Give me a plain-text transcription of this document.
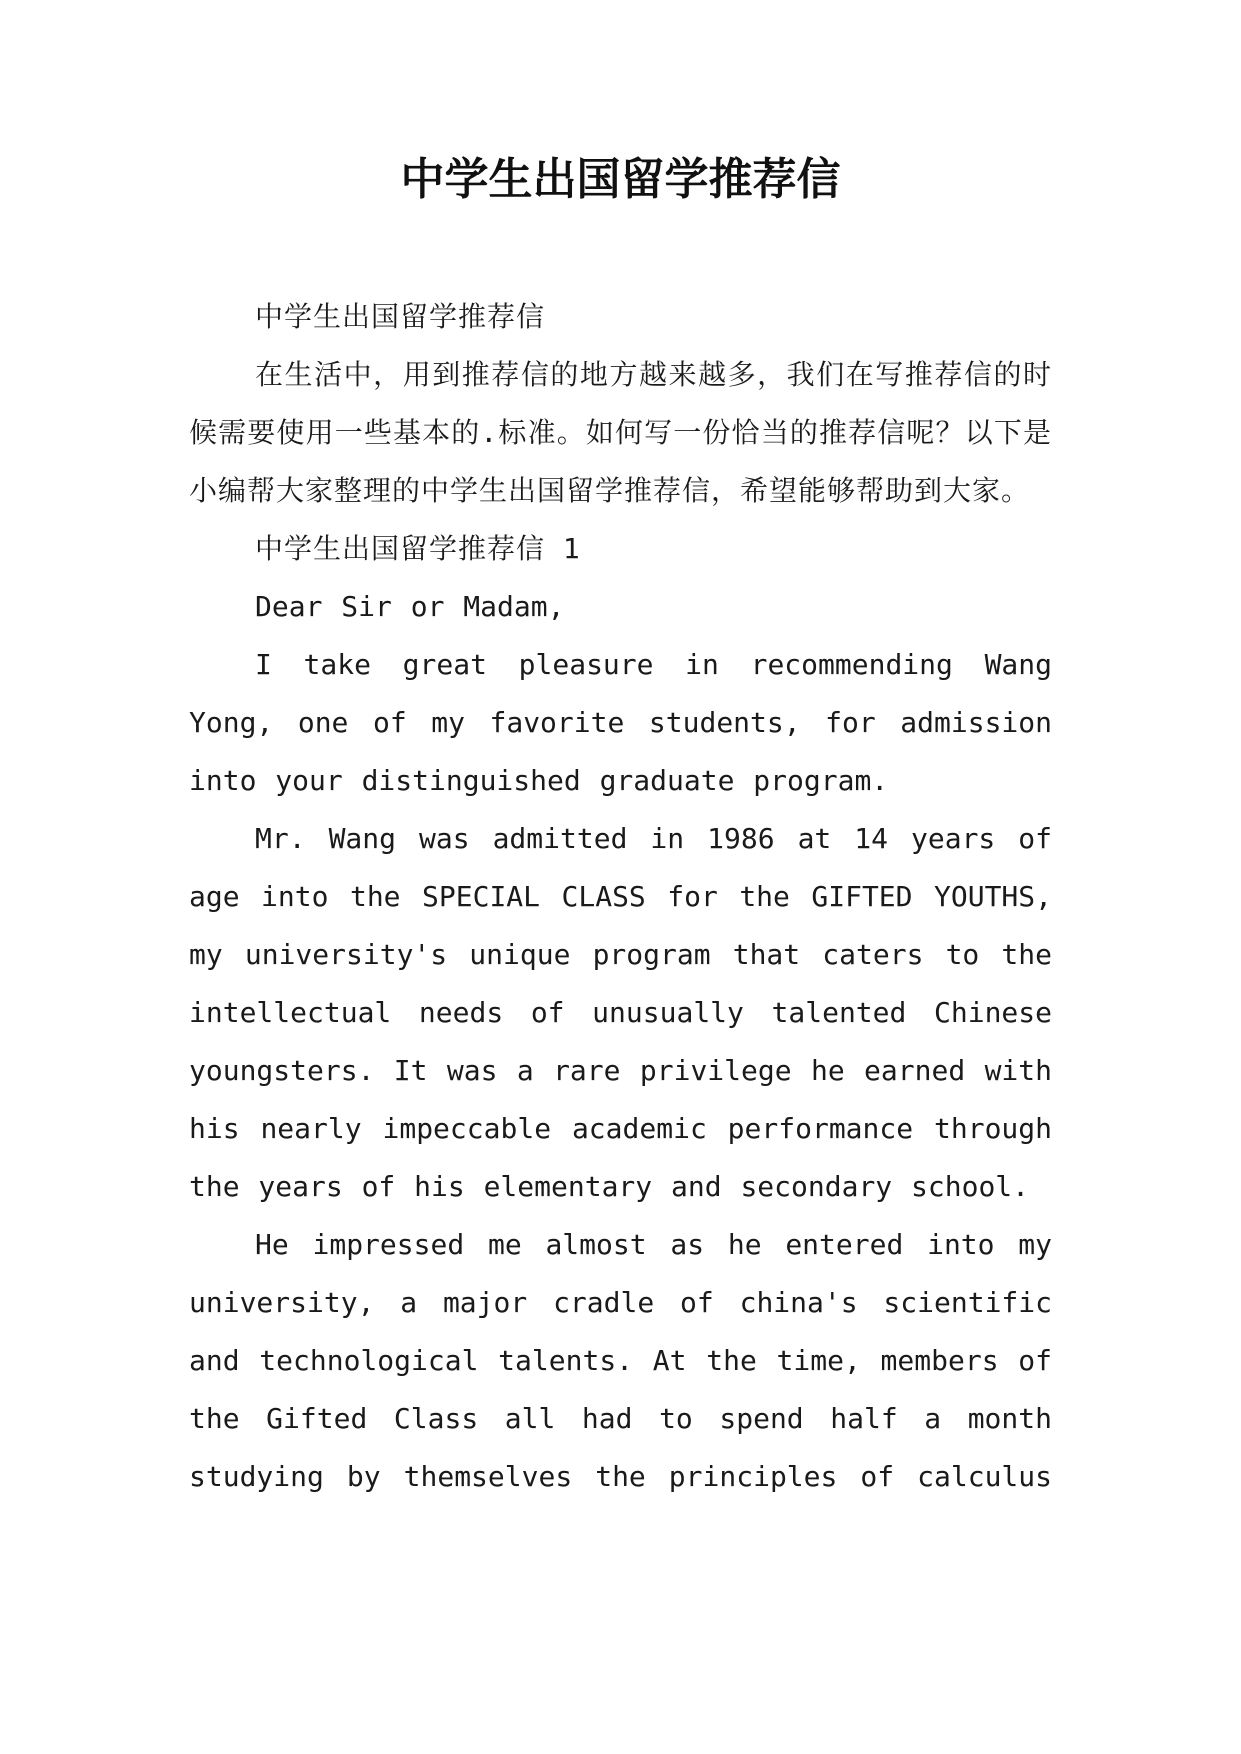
中学生出国留学推荐信

中学生出国留学推荐信

在生活中，用到推荐信的地方越来越多，我们在写推荐信的时候需要使用一些基本的.标准。如何写一份恰当的推荐信呢？以下是小编帮大家整理的中学生出国留学推荐信，希望能够帮助到大家。

中学生出国留学推荐信 1

Dear Sir or Madam,

I take great pleasure in recommending Wang Yong, one of my favorite students, for admission into your distinguished graduate program.

Mr. Wang was admitted in 1986 at 14 years of age into the SPECIAL CLASS for the GIFTED YOUTHS, my university's unique program that caters to the intellectual needs of unusually talented Chinese youngsters. It was a rare privilege he earned with his nearly impeccable academic performance through the years of his elementary and secondary school.

He impressed me almost as he entered into my university, a major cradle of china's scientific and technological talents. At the time, members of the Gifted Class all had to spend half a month studying by themselves the principles of calculus
